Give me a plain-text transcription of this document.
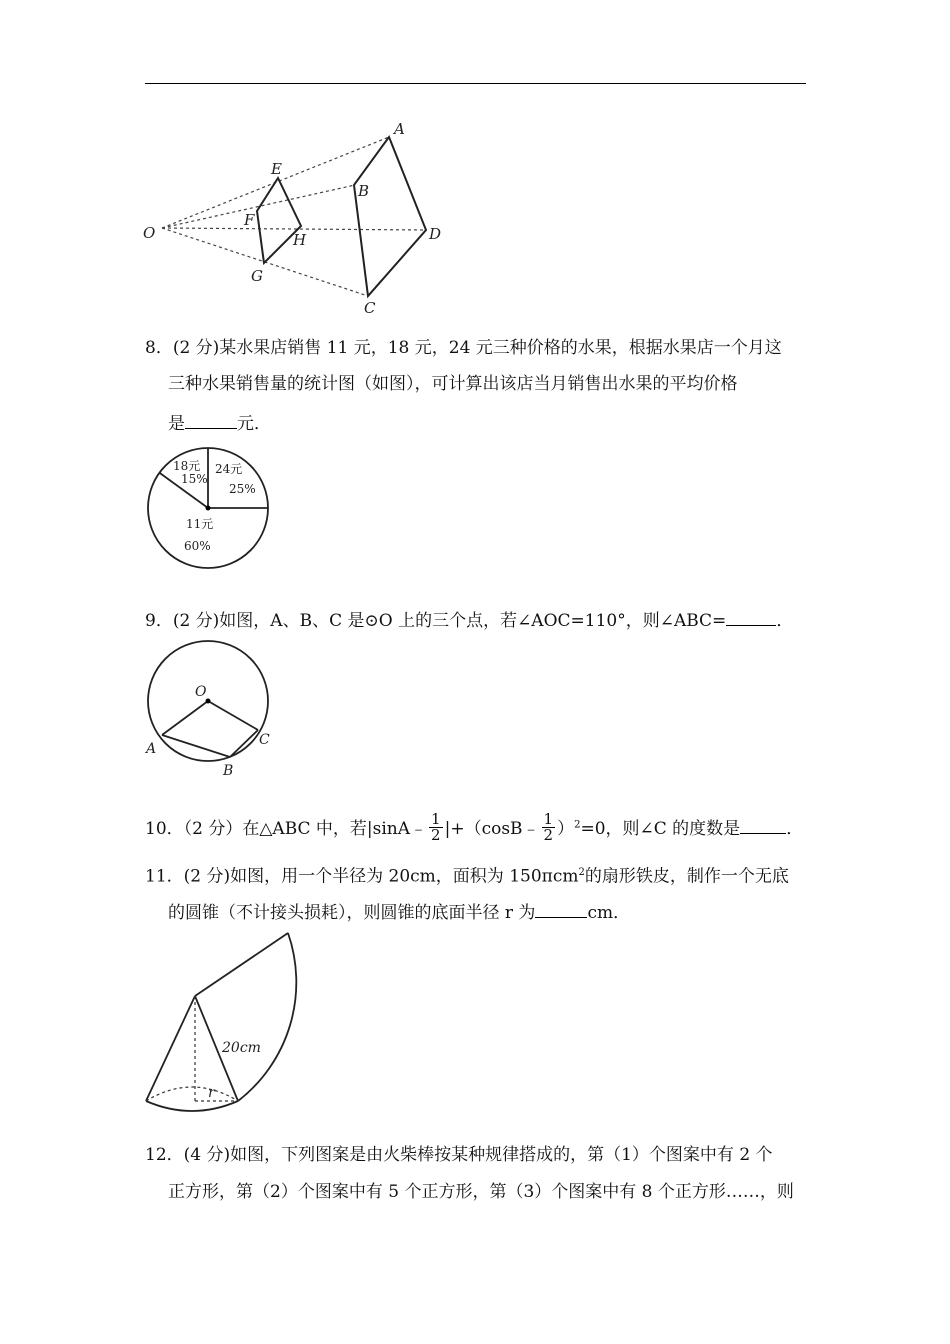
O
A
B
C
D
E
F
G
H
8．(2 分)某水果店销售 11 元，18 元，24 元三种价格的水果，根据水果店一个月这
三种水果销售量的统计图（如图），可计算出该店当月销售出水果的平均价格
是	元．
18元
15%
24元
25%
11元
60%
9．(2 分)如图，A、B、C 是⊙O 上的三个点，若∠AOC=110°，则∠ABC=	．
O
A
B
C
10．（2 分）在△ABC 中，若|sinA﹣ $\frac{1}{2}$ |+（cosB﹣ $\frac{1}{2} )^2=0$，则∠C 的度数是	．
11．(2 分)如图，用一个半径为 20cm，面积为 150πcm$^2$的扇形铁皮，制作一个无底
的圆锥（不计接头损耗），则圆锥的底面半径 r 为	cm．
20cm
r
12．(4 分)如图，下列图案是由火柴棒按某种规律搭成的，第（1）个图案中有 2 个
正方形，第（2）个图案中有 5 个正方形，第（3）个图案中有 8 个正方形……，则
